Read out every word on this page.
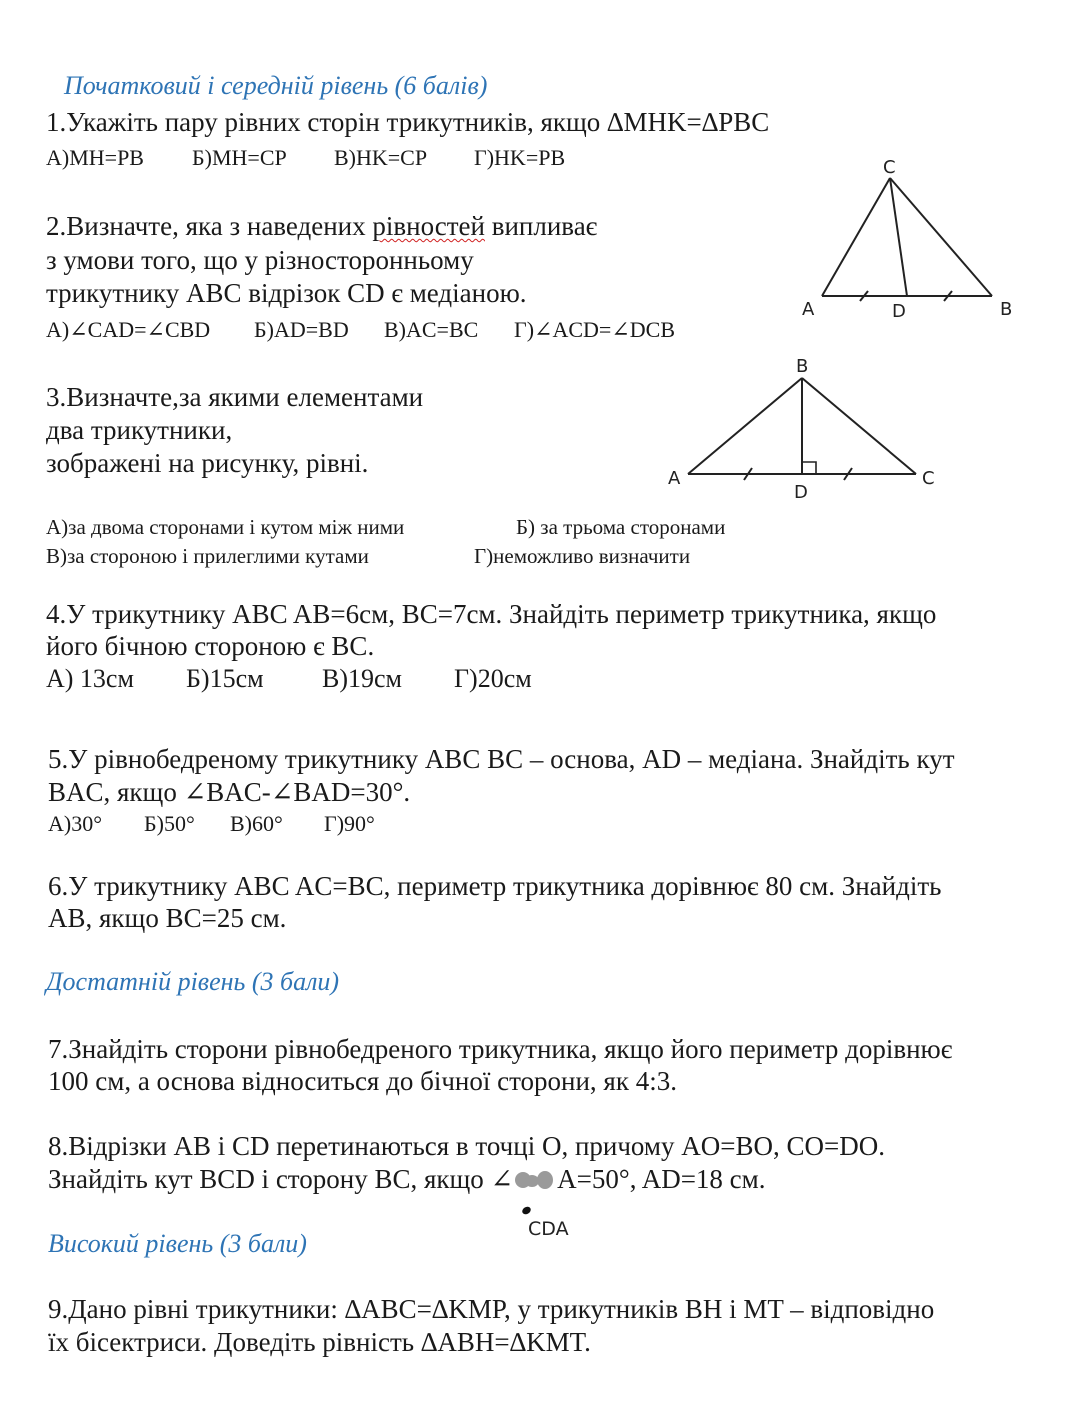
Початковий і середній рівень (6 балів)
1.Укажіть пару рівних сторін трикутників, якщо ∆MHK=∆PBC
А)MH=PB Б)MH=CP В)HK=CP Г)HK=PB
2.Визначте, яка з наведених рівностей випливає
з умови того, що у різносторонньому
трикутнику ABC відрізок CD є медіаною.
А)∠CAD=∠CBD Б)AD=BD В)AC=BC Г)∠ACD=∠DCB
C
A	D	B
3.Визначте,за якими елементами
два трикутники,
зображені на рисунку, рівні.
B
A
D
C
А)за двома сторонами і кутом між ними	Б) за трьома сторонами
В)за стороною і прилеглими кутами	Г)неможливо визначити
4.У трикутнику ABC AB=6см, BC=7см. Знайдіть периметр трикутника, якщо
його бічною стороною є BC.
А) 13см Б)15см В)19см Г)20см
5.У рівнобедреному трикутнику ABC BC – основа, AD – медіана. Знайдіть кут
BAC, якщо ∠BAC-∠BAD=30°.
А)30° Б)50° В)60° Г)90°
6.У трикутнику ABC AC=BC, периметр трикутника дорівнює 80 см. Знайдіть
AB, якщо BC=25 см.
Достатній рівень (3 бали)
7.Знайдіть сторони рівнобедреного трикутника, якщо його периметр дорівнює
100 см, а основа відноситься до бічної сторони, як 4:3.
8.Відрізки AB і CD перетинаються в точці O, причому AO=BO, CO=DO.
Знайдіть кут BCD і сторону BC, якщо ∠ A=50°, AD=18 см.
CDA
Високий рівень (3 бали)
9.Дано рівні трикутники: ∆ABC=∆KMP, у трикутників BH і MT – відповідно
їх бісектриси. Доведіть рівність ∆ABH=∆KMT.
